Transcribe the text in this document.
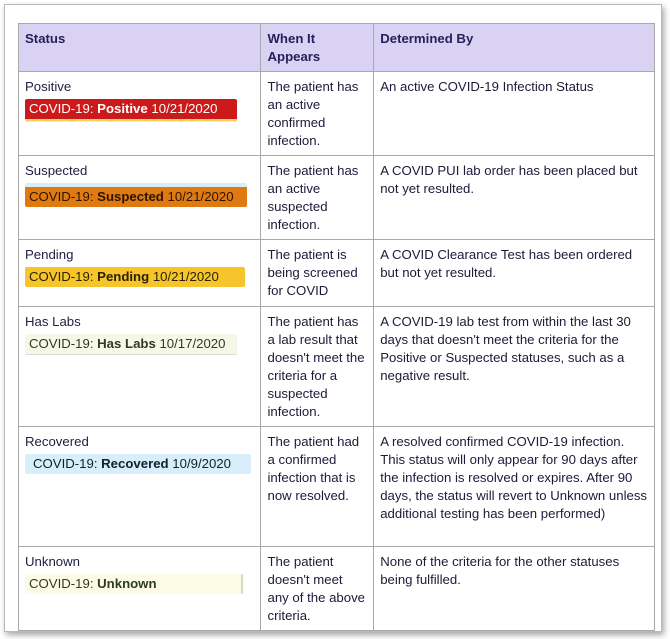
Status	When It Appears	Determined By

Positive
COVID-19: Positive 10/21/2020	The patient has an active confirmed infection.	An active COVID-19 Infection Status

Suspected
COVID-19: Suspected 10/21/2020	The patient has an active suspected infection.	A COVID PUI lab order has been placed but not yet resulted.

Pending
COVID-19: Pending 10/21/2020	The patient is being screened for COVID	A COVID Clearance Test has been ordered but not yet resulted.

Has Labs
COVID-19: Has Labs 10/17/2020	The patient has a lab result that doesn't meet the criteria for a suspected infection.	A COVID-19 lab test from within the last 30 days that doesn't meet the criteria for the Positive or Suspected statuses, such as a negative result.

Recovered
COVID-19: Recovered 10/9/2020	The patient had a confirmed infection that is now resolved.	A resolved confirmed COVID-19 infection. This status will only appear for 90 days after the infection is resolved or expires. After 90 days, the status will revert to Unknown unless additional testing has been performed)

Unknown
COVID-19: Unknown	The patient doesn't meet any of the above criteria.	None of the criteria for the other statuses being fulfilled.
